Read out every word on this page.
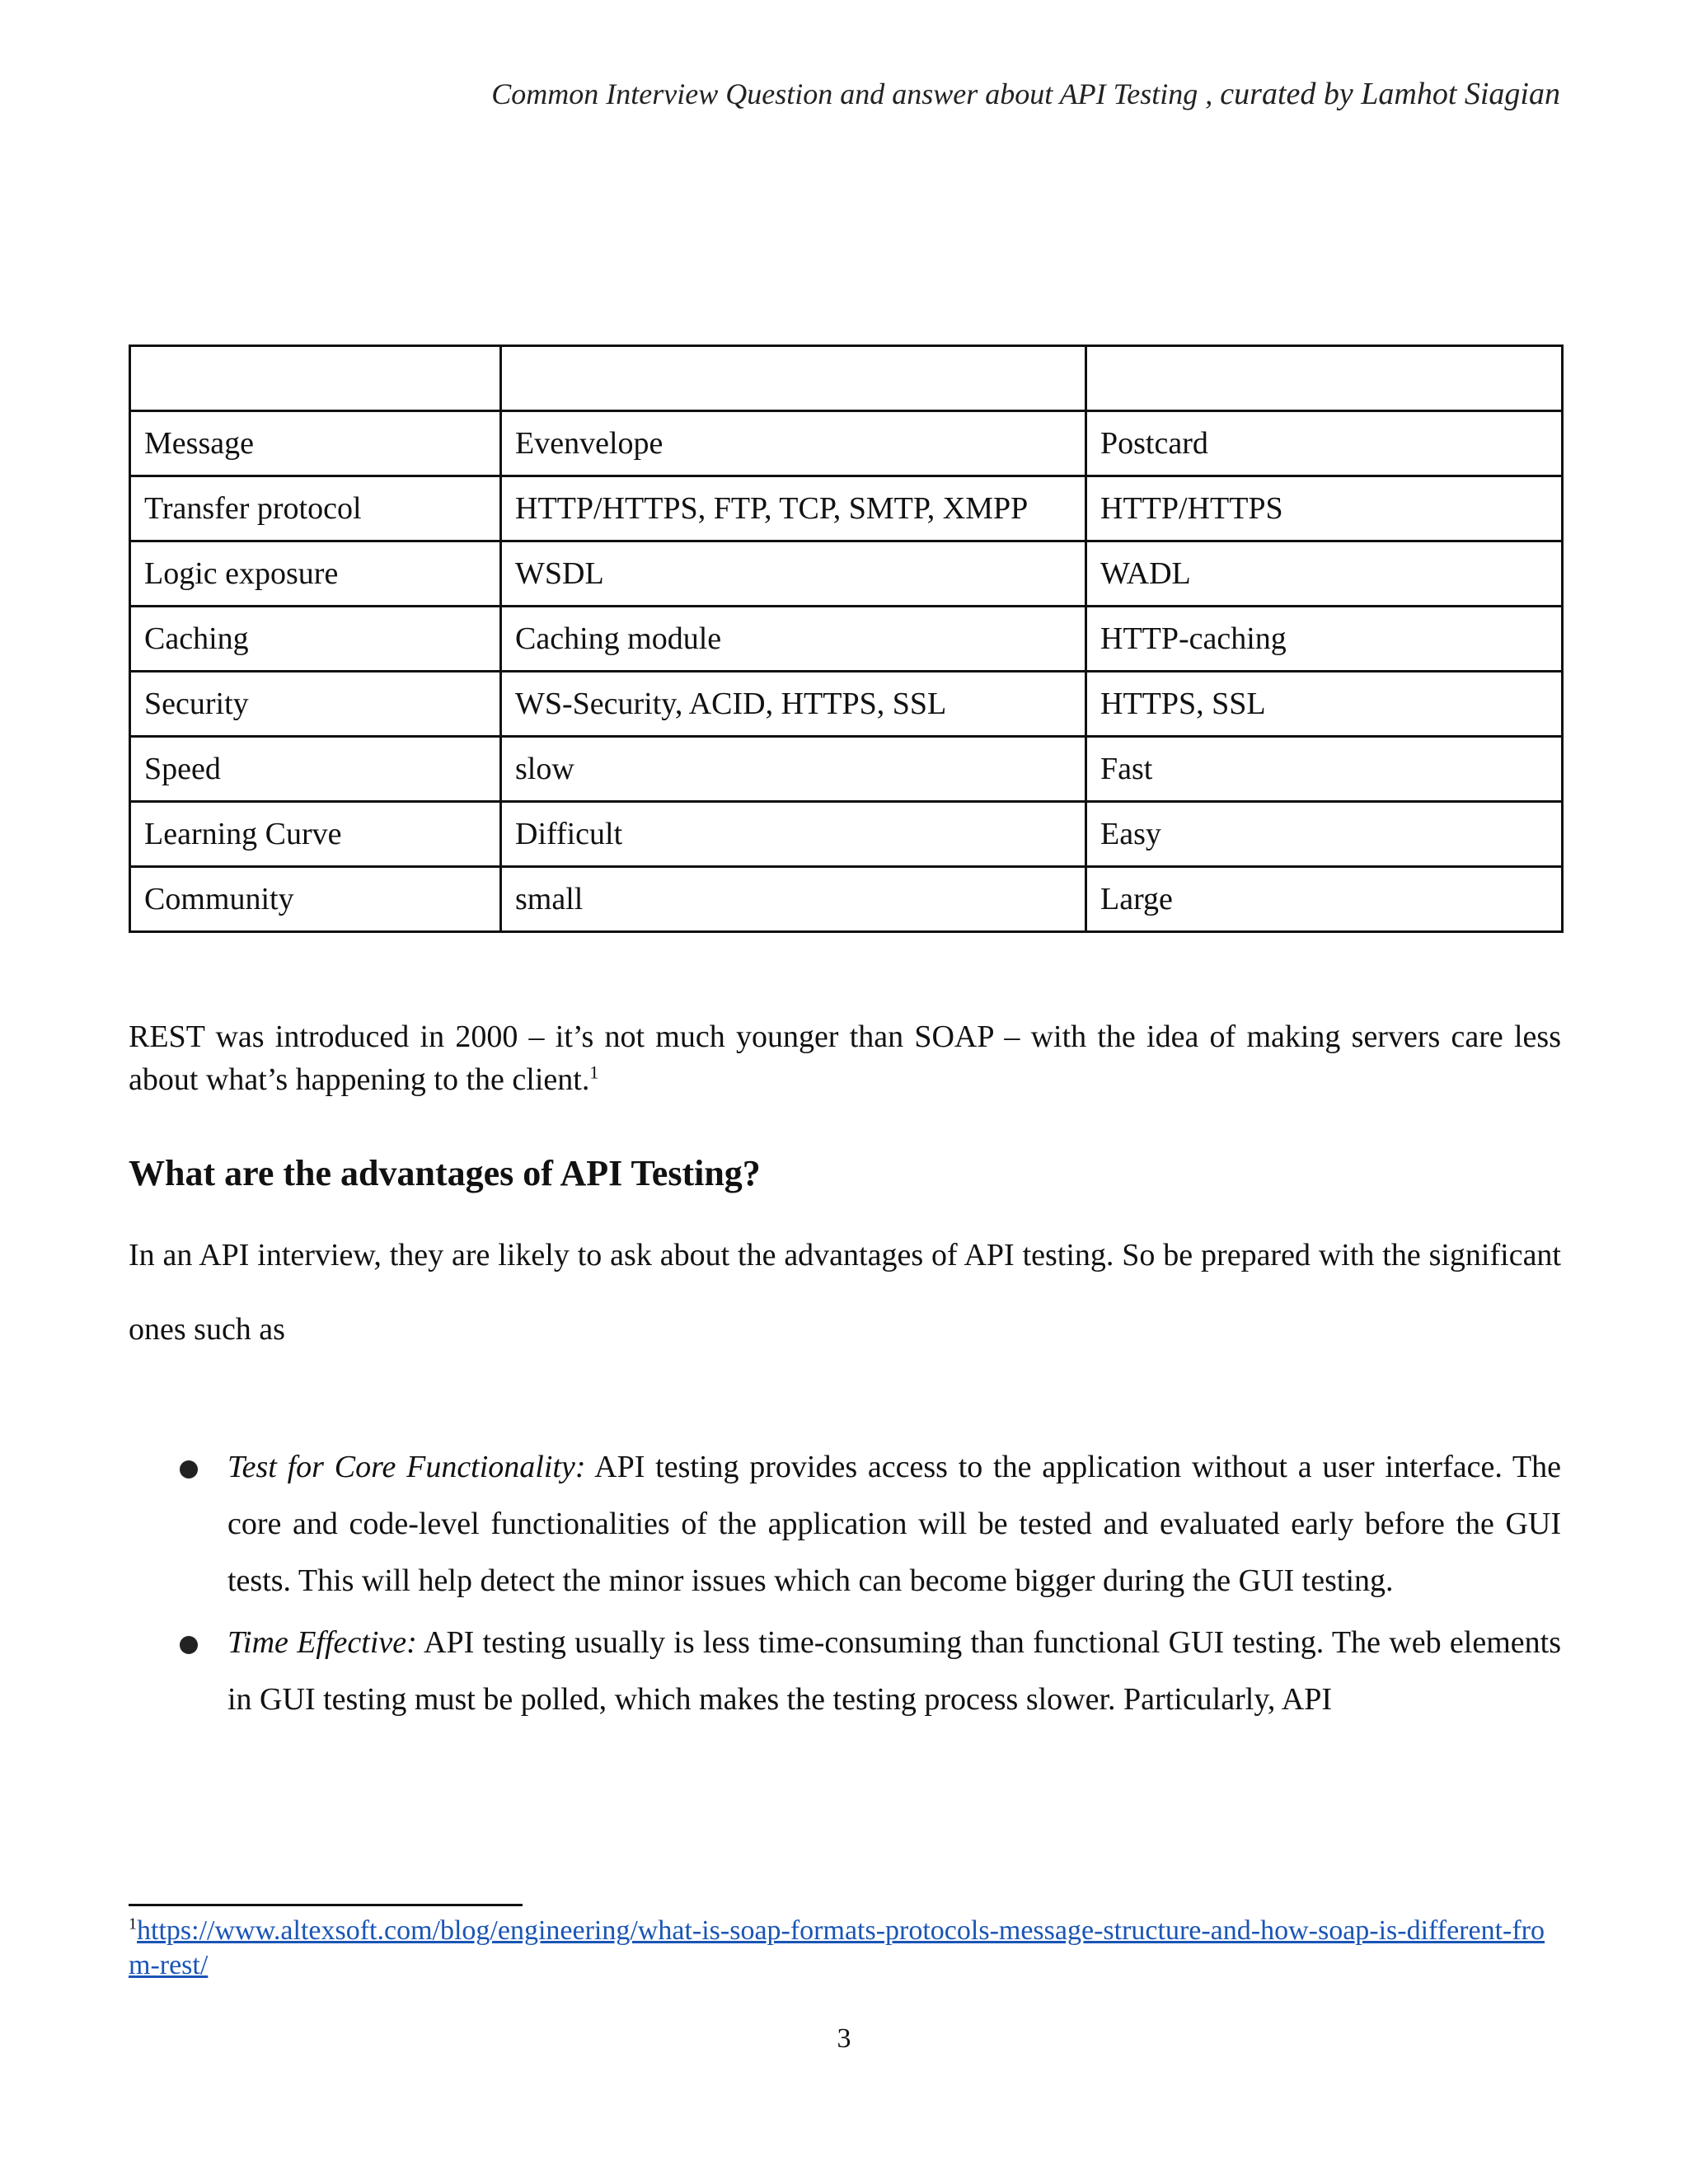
Common Interview Question and answer about API Testing , curated by Lamhot Siagian

Message	Evenvelope	Postcard
Transfer protocol	HTTP/HTTPS, FTP, TCP, SMTP, XMPP	HTTP/HTTPS
Logic exposure	WSDL	WADL
Caching	Caching module	HTTP-caching
Security	WS-Security, ACID, HTTPS, SSL	HTTPS, SSL
Speed	slow	Fast
Learning Curve	Difficult	Easy
Community	small	Large

REST was introduced in 2000 – it’s not much younger than SOAP – with the idea of making servers care less about what’s happening to the client.$^1$

What are the advantages of API Testing?

In an API interview, they are likely to ask about the advantages of API testing. So be prepared with the significant ones such as

Test for Core Functionality: API testing provides access to the application without a user interface. The core and code-level functionalities of the application will be tested and evaluated early before the GUI tests. This will help detect the minor issues which can become bigger during the GUI testing.
Time Effective: API testing usually is less time-consuming than functional GUI testing. The web elements in GUI testing must be polled, which makes the testing process slower. Particularly, API
$^1$https://www.altexsoft.com/blog/engineering/what-is-soap-formats-protocols-message-structure-and-how-soap-is-different-from-rest/
3
